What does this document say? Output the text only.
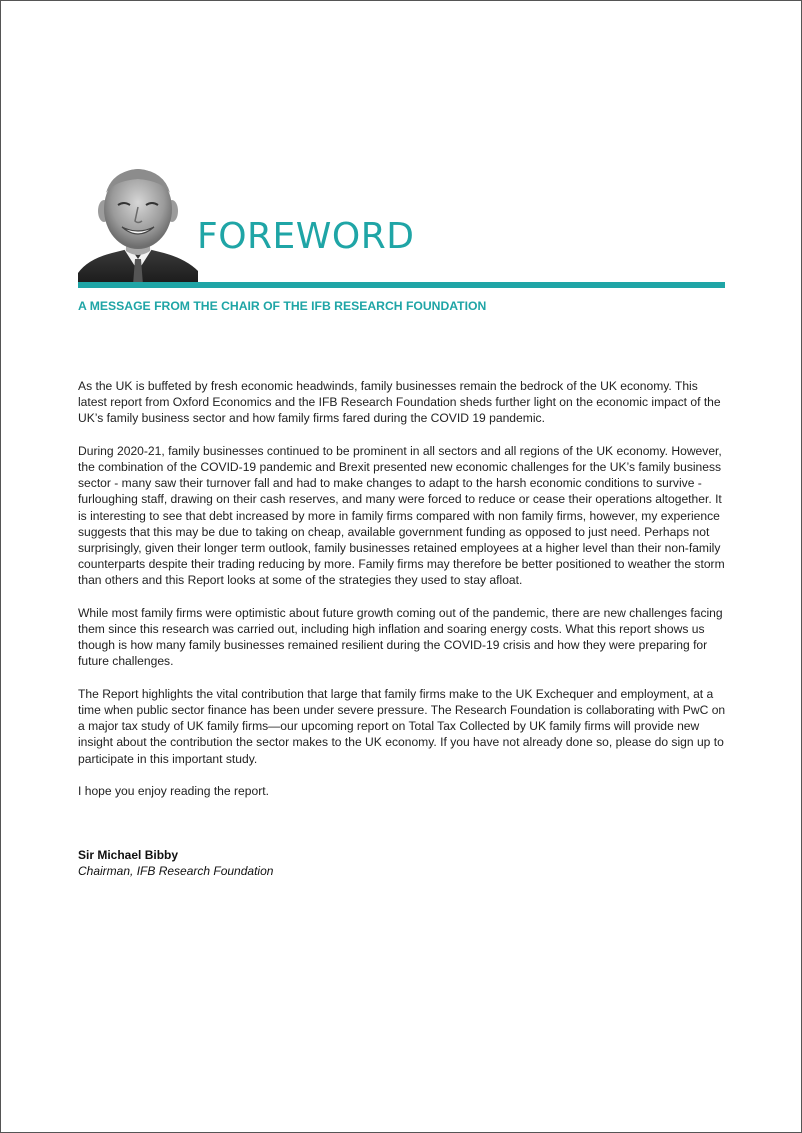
FOREWORD
A MESSAGE FROM THE CHAIR OF THE IFB RESEARCH FOUNDATION

As the UK is buffeted by fresh economic headwinds, family businesses remain the bedrock of the UK economy. This latest report from Oxford Economics and the IFB Research Foundation sheds further light on the economic impact of the UK’s family business sector and how family firms fared during the COVID 19 pandemic.

During 2020-21, family businesses continued to be prominent in all sectors and all regions of the UK economy. However, the combination of the COVID-19 pandemic and Brexit presented new economic challenges for the UK’s family business sector - many saw their turnover fall and had to make changes to adapt to the harsh economic conditions to survive - furloughing staff, drawing on their cash reserves, and many were forced to reduce or cease their operations altogether. It is interesting to see that debt increased by more in family firms compared with non family firms, however, my experience suggests that this may be due to taking on cheap, available government funding as opposed to just need. Perhaps not surprisingly, given their longer term outlook, family businesses retained employees at a higher level than their non-family counterparts despite their trading reducing by more. Family firms may therefore be better positioned to weather the storm than others and this Report looks at some of the strategies they used to stay afloat.

While most family firms were optimistic about future growth coming out of the pandemic, there are new challenges facing them since this research was carried out, including high inflation and soaring energy costs. What this report shows us though is how many family businesses remained resilient during the COVID-19 crisis and how they were preparing for future challenges.

The Report highlights the vital contribution that large that family firms make to the UK Exchequer and employment, at a time when public sector finance has been under severe pressure. The Research Foundation is collaborating with PwC on a major tax study of UK family firms—our upcoming report on Total Tax Collected by UK family firms will provide new insight about the contribution the sector makes to the UK economy. If you have not already done so, please do sign up to participate in this important study.

I hope you enjoy reading the report.

Sir Michael Bibby
Chairman, IFB Research Foundation
